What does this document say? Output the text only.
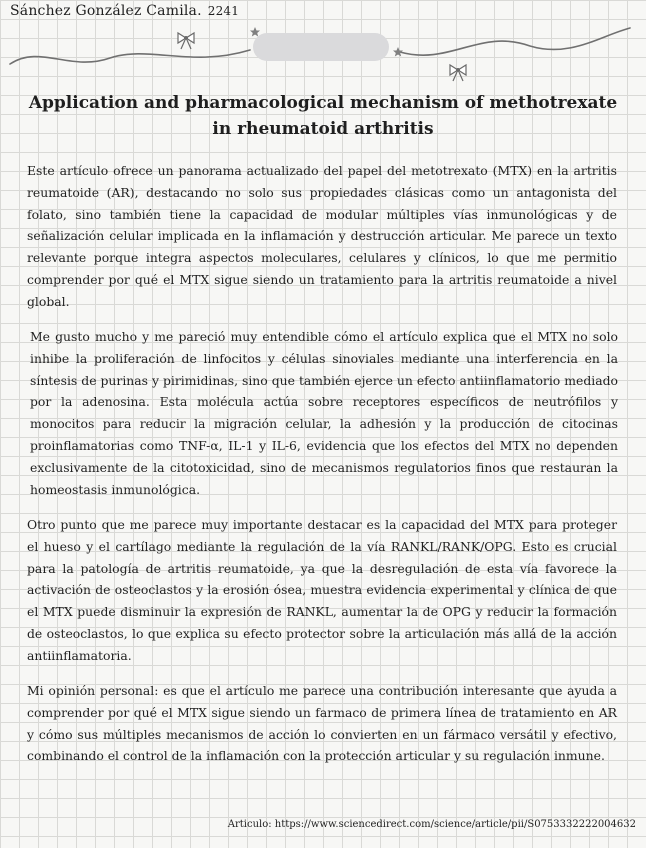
Sánchez González Camila. 2241
Application and pharmacological mechanism of methotrexate in rheumatoid arthritis

Este artículo ofrece un panorama actualizado del papel del metotrexato (MTX) en la artritis reumatoide (AR), destacando no solo sus propiedades clásicas como un antagonista del folato, sino también tiene la capacidad de modular múltiples vías inmunológicas y de señalización celular implicada en la inflamación y destrucción articular. Me parece un texto relevante porque integra aspectos moleculares, celulares y clínicos, lo que me permitio comprender por qué el MTX sigue siendo un tratamiento para la artritis reumatoide a nivel global.

Me gusto mucho y me pareció muy entendible cómo el artículo explica que el MTX no solo inhibe la proliferación de linfocitos y células sinoviales mediante una interferencia en la síntesis de purinas y pirimidinas, sino que también ejerce un efecto antiinflamatorio mediado por la adenosina. Esta molécula actúa sobre receptores específicos de neutrófilos y monocitos para reducir la migración celular, la adhesión y la producción de citocinas proinflamatorias como TNF-α, IL-1 y IL-6, evidencia que los efectos del MTX no dependen exclusivamente de la citotoxicidad, sino de mecanismos regulatorios finos que restauran la homeostasis inmunológica.

Otro punto que me parece muy importante destacar es la capacidad del MTX para proteger el hueso y el cartílago mediante la regulación de la vía RANKL/RANK/OPG. Esto es crucial para la patología de artritis reumatoide, ya que la desregulación de esta vía favorece la activación de osteoclastos y la erosión ósea, muestra evidencia experimental y clínica de que el MTX puede disminuir la expresión de RANKL, aumentar la de OPG y reducir la formación de osteoclastos, lo que explica su efecto protector sobre la articulación más allá de la acción antiinflamatoria.

Mi opinión personal: es que el artículo me parece una contribución interesante que ayuda a comprender por qué el MTX sigue siendo un farmaco de primera línea de tratamiento en AR y cómo sus múltiples mecanismos de acción lo convierten en un fármaco versátil y efectivo, combinando el control de la inflamación con la protección articular y su regulación inmune.

Articulo: https://www.sciencedirect.com/science/article/pii/S0753332222004632
